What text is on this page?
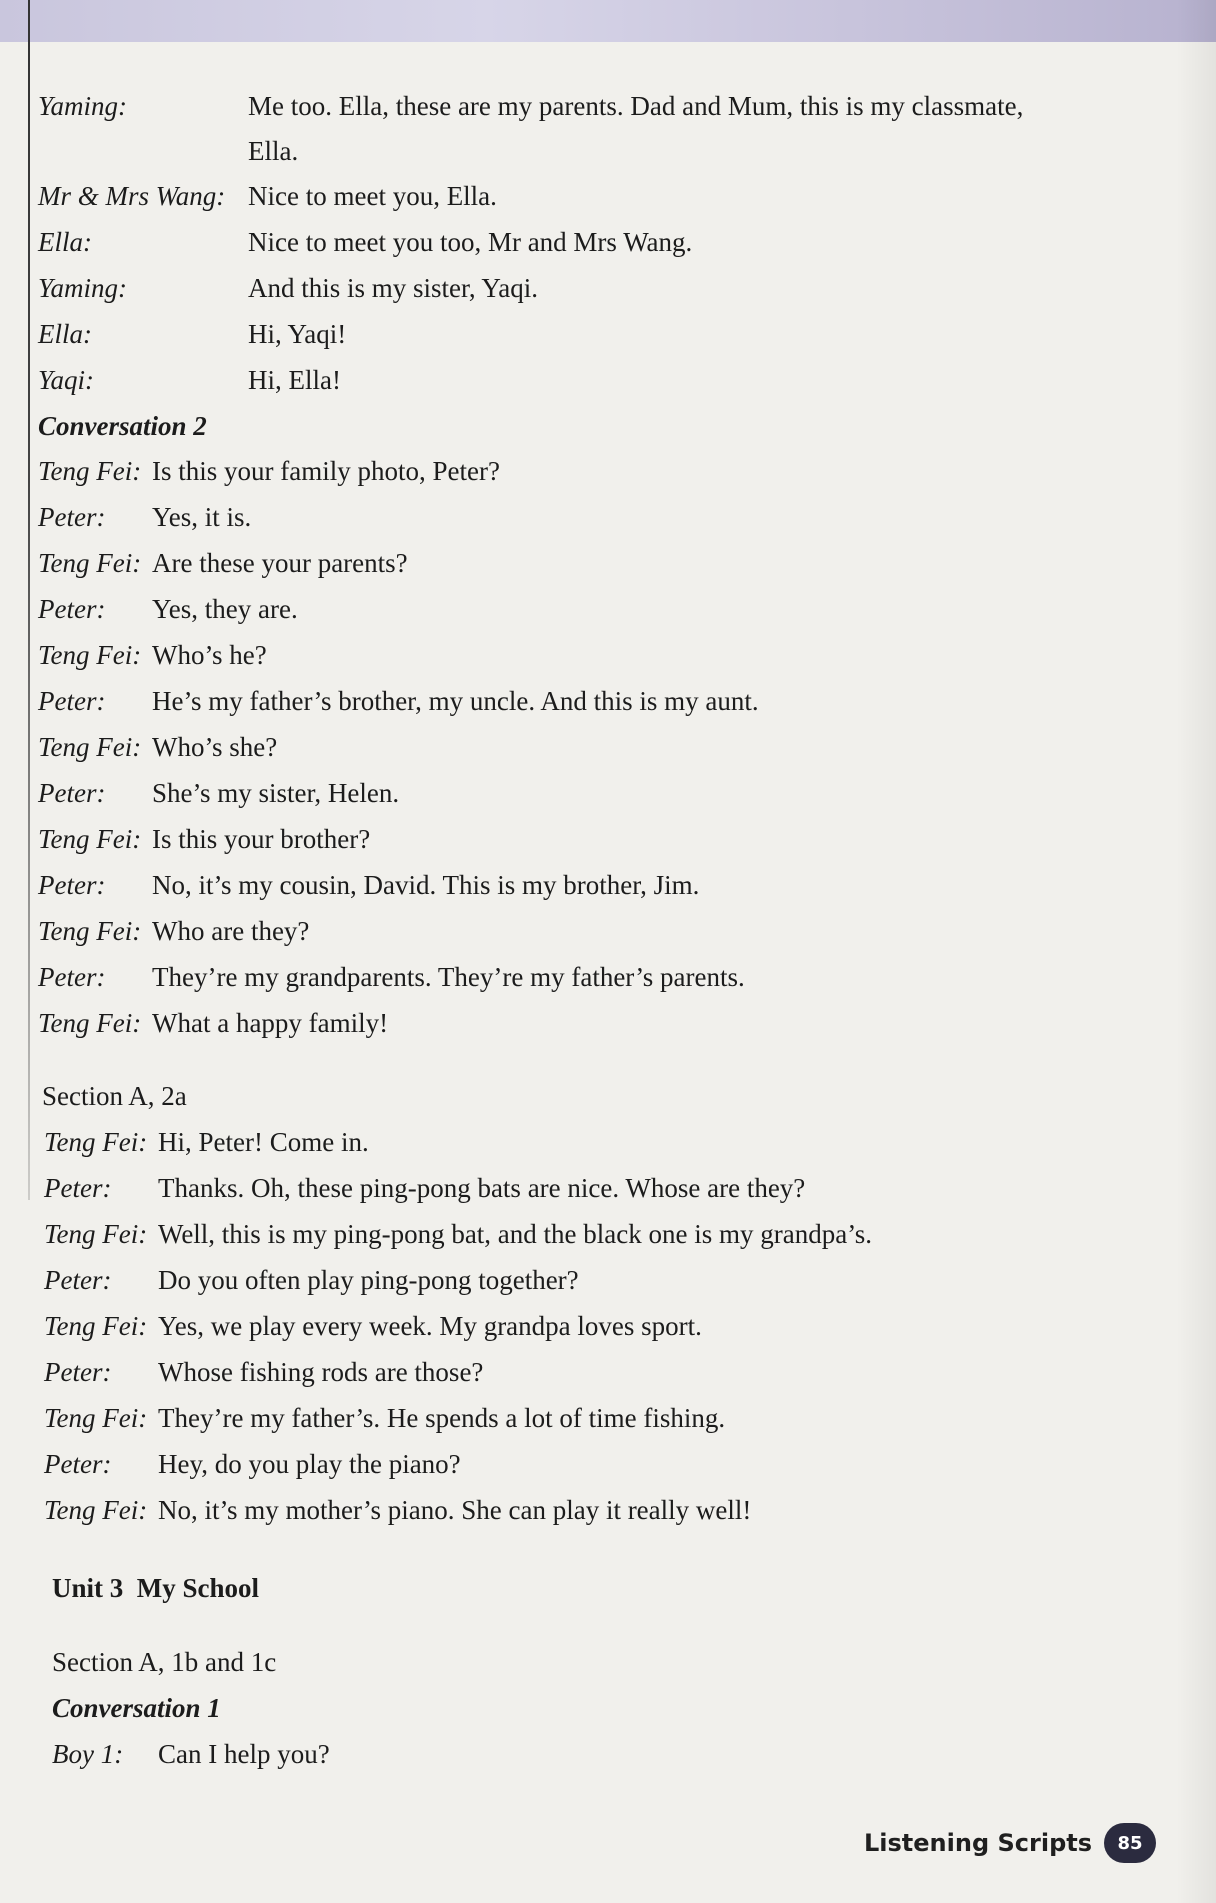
Yaming:	Me too. Ella, these are my parents. Dad and Mum, this is my classmate,
Ella.
Mr & Mrs Wang: Nice to meet you, Ella.
Ella:	Nice to meet you too, Mr and Mrs Wang.
Yaming:	And this is my sister, Yaqi.
Ella:	Hi, Yaqi!
Yaqi:	Hi, Ella!
Conversation 2
Teng Fei: Is this your family photo, Peter?
Peter: Yes, it is.
Teng Fei: Are these your parents?
Peter: Yes, they are.
Teng Fei: Who’s he?
Peter: He’s my father’s brother, my uncle. And this is my aunt.
Teng Fei: Who’s she?
Peter: She’s my sister, Helen.
Teng Fei: Is this your brother?
Peter: No, it’s my cousin, David. This is my brother, Jim.
Teng Fei: Who are they?
Peter: They’re my grandparents. They’re my father’s parents.
Teng Fei: What a happy family!
Section A, 2a
Teng Fei: Hi, Peter! Come in.
Peter: Thanks. Oh, these ping-pong bats are nice. Whose are they?
Teng Fei: Well, this is my ping-pong bat, and the black one is my grandpa’s.
Peter: Do you often play ping-pong together?
Teng Fei: Yes, we play every week. My grandpa loves sport.
Peter: Whose fishing rods are those?
Teng Fei: They’re my father’s. He spends a lot of time fishing.
Peter: Hey, do you play the piano?
Teng Fei: No, it’s my mother’s piano. She can play it really well!
Unit 3  My School
Section A, 1b and 1c
Conversation 1
Boy 1: Can I help you?
Listening Scripts	85
